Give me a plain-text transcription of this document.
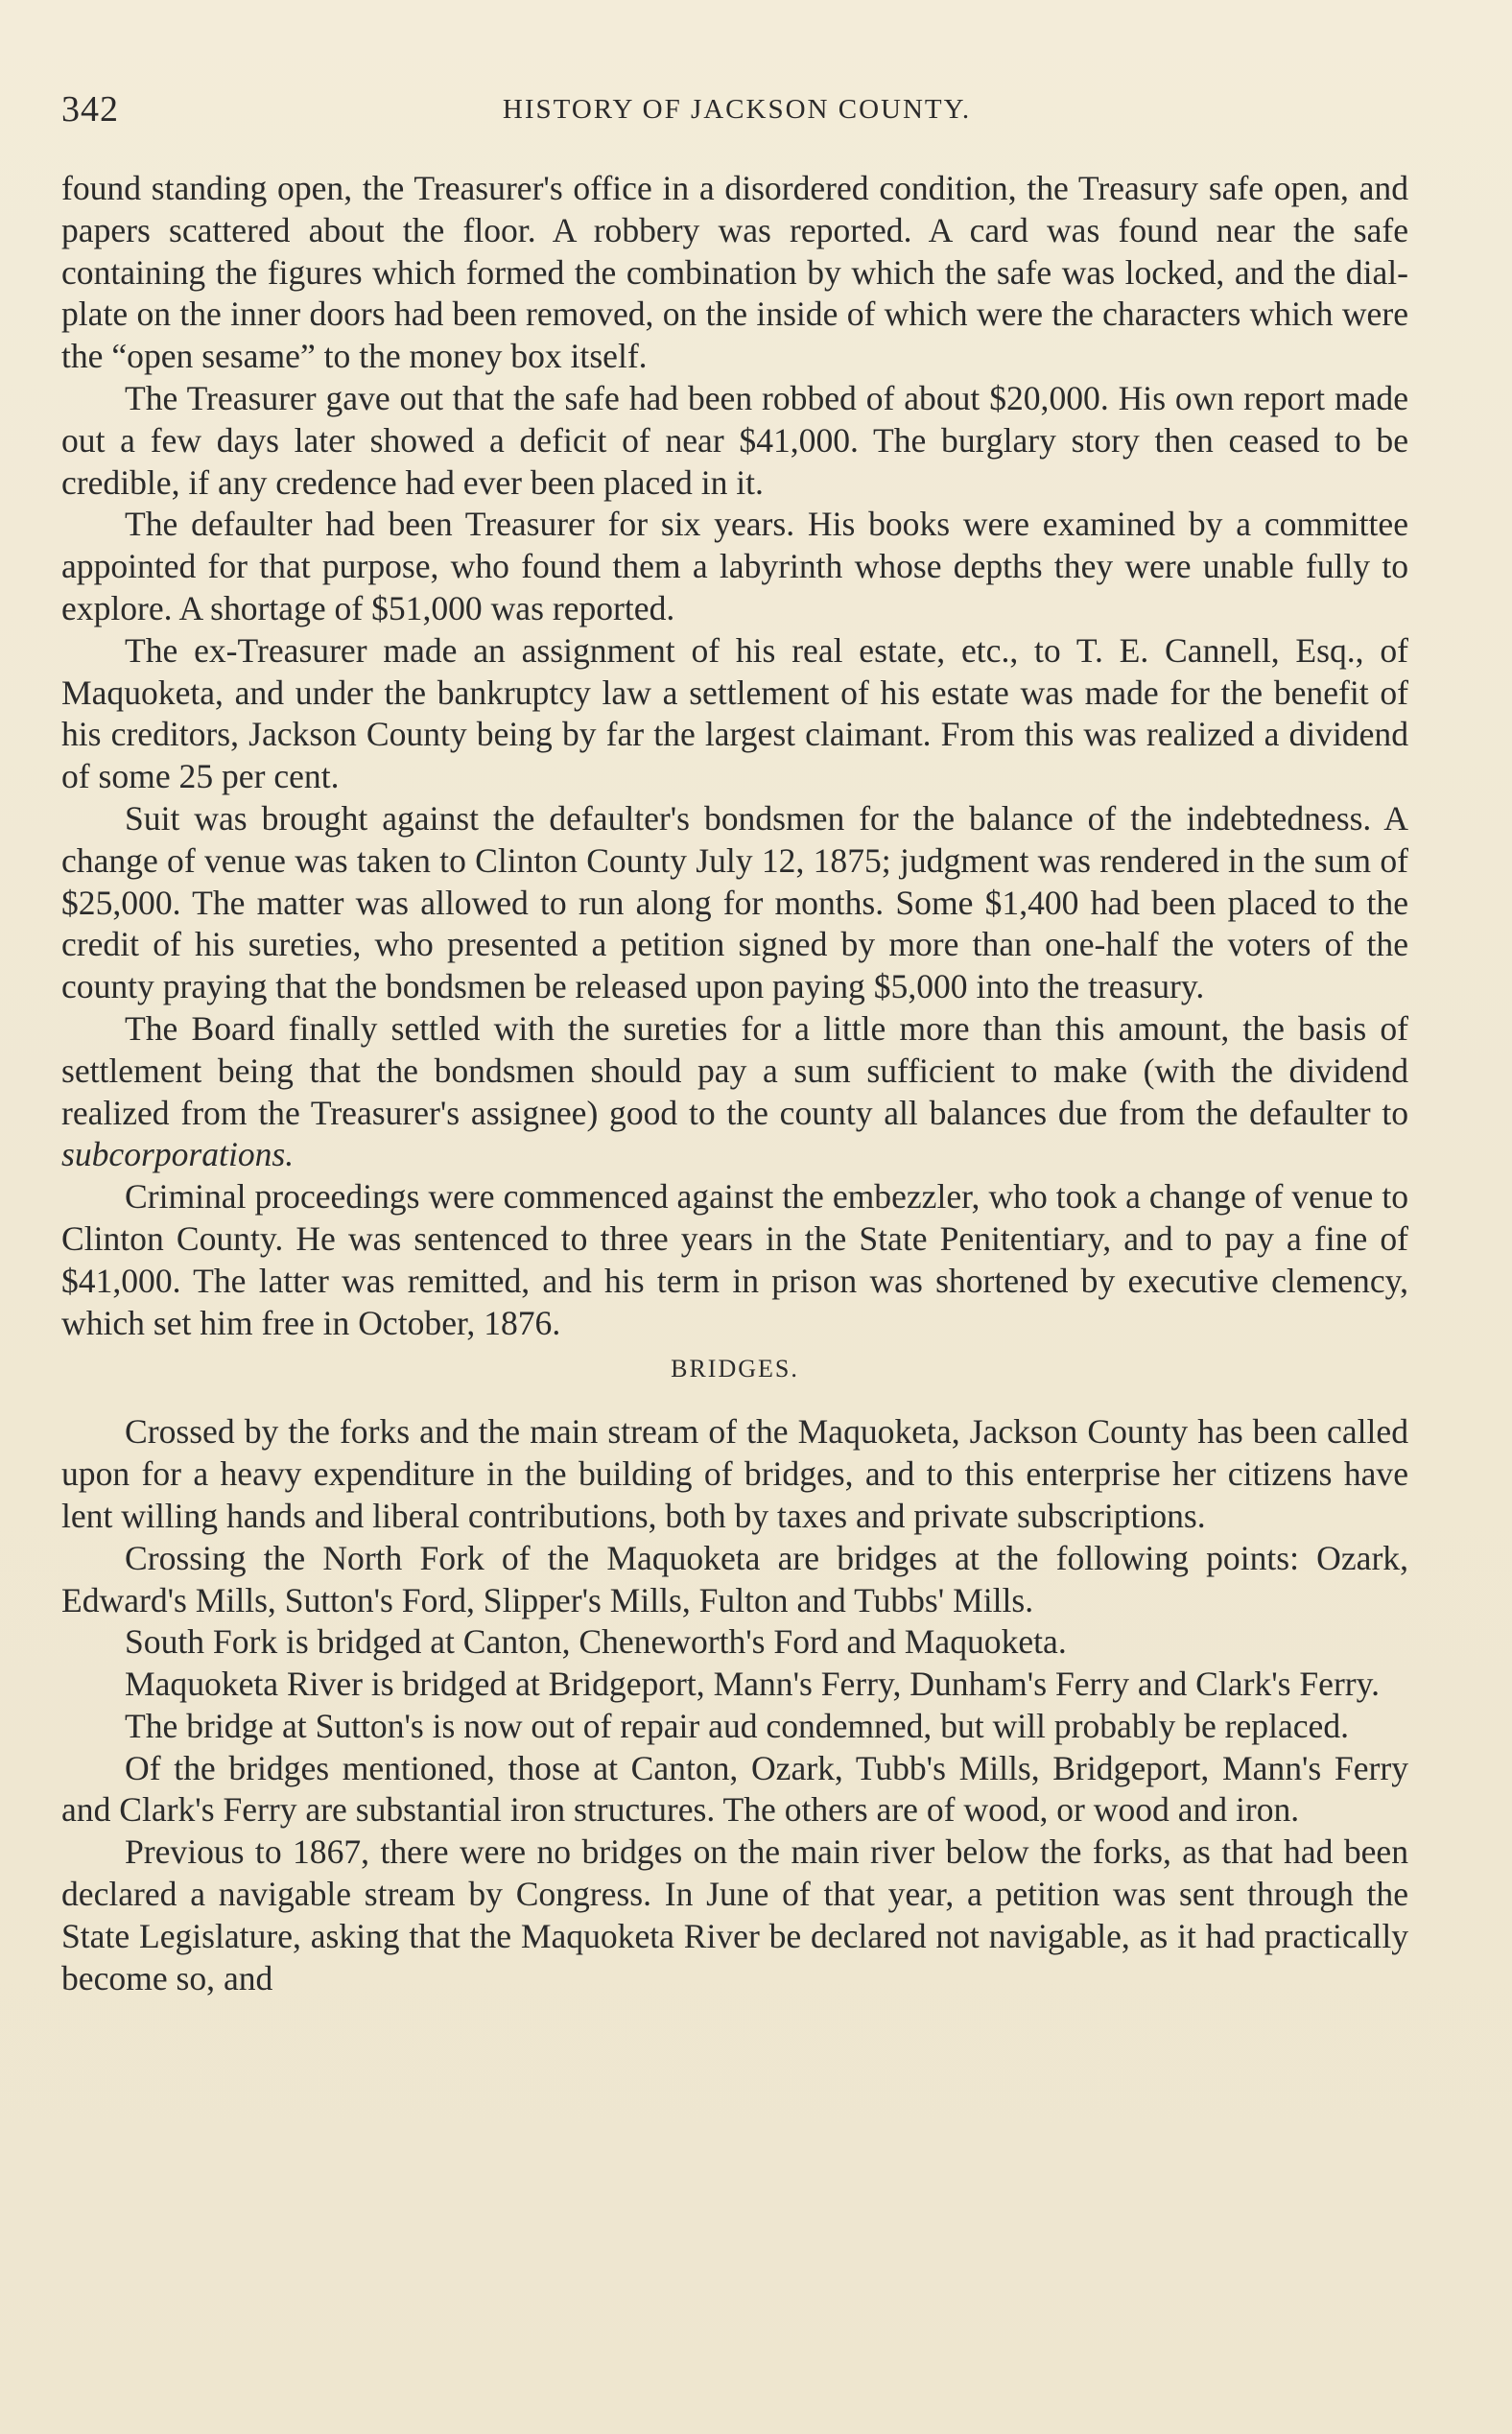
342	HISTORY OF JACKSON COUNTY.

found standing open, the Treasurer's office in a disordered condition, the Treasury safe open, and papers scattered about the floor. A robbery was reported. A card was found near the safe containing the figures which formed the combination by which the safe was locked, and the dial-plate on the inner doors had been removed, on the inside of which were the characters which were the “open sesame” to the money box itself.

The Treasurer gave out that the safe had been robbed of about $20,000. His own report made out a few days later showed a deficit of near $41,000. The burglary story then ceased to be credible, if any credence had ever been placed in it.

The defaulter had been Treasurer for six years. His books were examined by a committee appointed for that purpose, who found them a labyrinth whose depths they were unable fully to explore. A shortage of $51,000 was reported.

The ex-Treasurer made an assignment of his real estate, etc., to T. E. Cannell, Esq., of Maquoketa, and under the bankruptcy law a settlement of his estate was made for the benefit of his creditors, Jackson County being by far the largest claimant. From this was realized a dividend of some 25 per cent.

Suit was brought against the defaulter's bondsmen for the balance of the indebtedness. A change of venue was taken to Clinton County July 12, 1875; judgment was rendered in the sum of $25,000. The matter was allowed to run along for months. Some $1,400 had been placed to the credit of his sureties, who presented a petition signed by more than one-half the voters of the county praying that the bondsmen be released upon paying $5,000 into the treasury.

The Board finally settled with the sureties for a little more than this amount, the basis of settlement being that the bondsmen should pay a sum sufficient to make (with the dividend realized from the Treasurer's assignee) good to the county all balances due from the defaulter to subcorporations.

Criminal proceedings were commenced against the embezzler, who took a change of venue to Clinton County. He was sentenced to three years in the State Penitentiary, and to pay a fine of $41,000. The latter was remitted, and his term in prison was shortened by executive clemency, which set him free in October, 1876.

BRIDGES.

Crossed by the forks and the main stream of the Maquoketa, Jackson County has been called upon for a heavy expenditure in the building of bridges, and to this enterprise her citizens have lent willing hands and liberal contributions, both by taxes and private subscriptions.

Crossing the North Fork of the Maquoketa are bridges at the following points: Ozark, Edward's Mills, Sutton's Ford, Slipper's Mills, Fulton and Tubbs' Mills.

South Fork is bridged at Canton, Cheneworth's Ford and Maquoketa.

Maquoketa River is bridged at Bridgeport, Mann's Ferry, Dunham's Ferry and Clark's Ferry.

The bridge at Sutton's is now out of repair aud condemned, but will probably be replaced.

Of the bridges mentioned, those at Canton, Ozark, Tubb's Mills, Bridgeport, Mann's Ferry and Clark's Ferry are substantial iron structures. The others are of wood, or wood and iron.

Previous to 1867, there were no bridges on the main river below the forks, as that had been declared a navigable stream by Congress. In June of that year, a petition was sent through the State Legislature, asking that the Maquoketa River be declared not navigable, as it had practically become so, and
